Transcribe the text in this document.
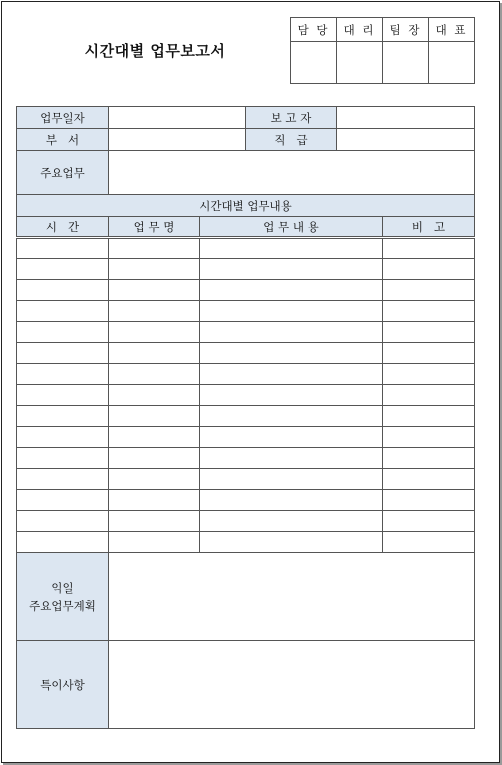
시간대별 업무보고서
담 당	대 리	팀 장	대 표

업무일자			보 고 자		
부   서			직   급		
주요업무					
시간대별 업무내용					
시   간	업 무 명	업 무 내 용			비   고

익일
주요업무계획					
특이사항					
